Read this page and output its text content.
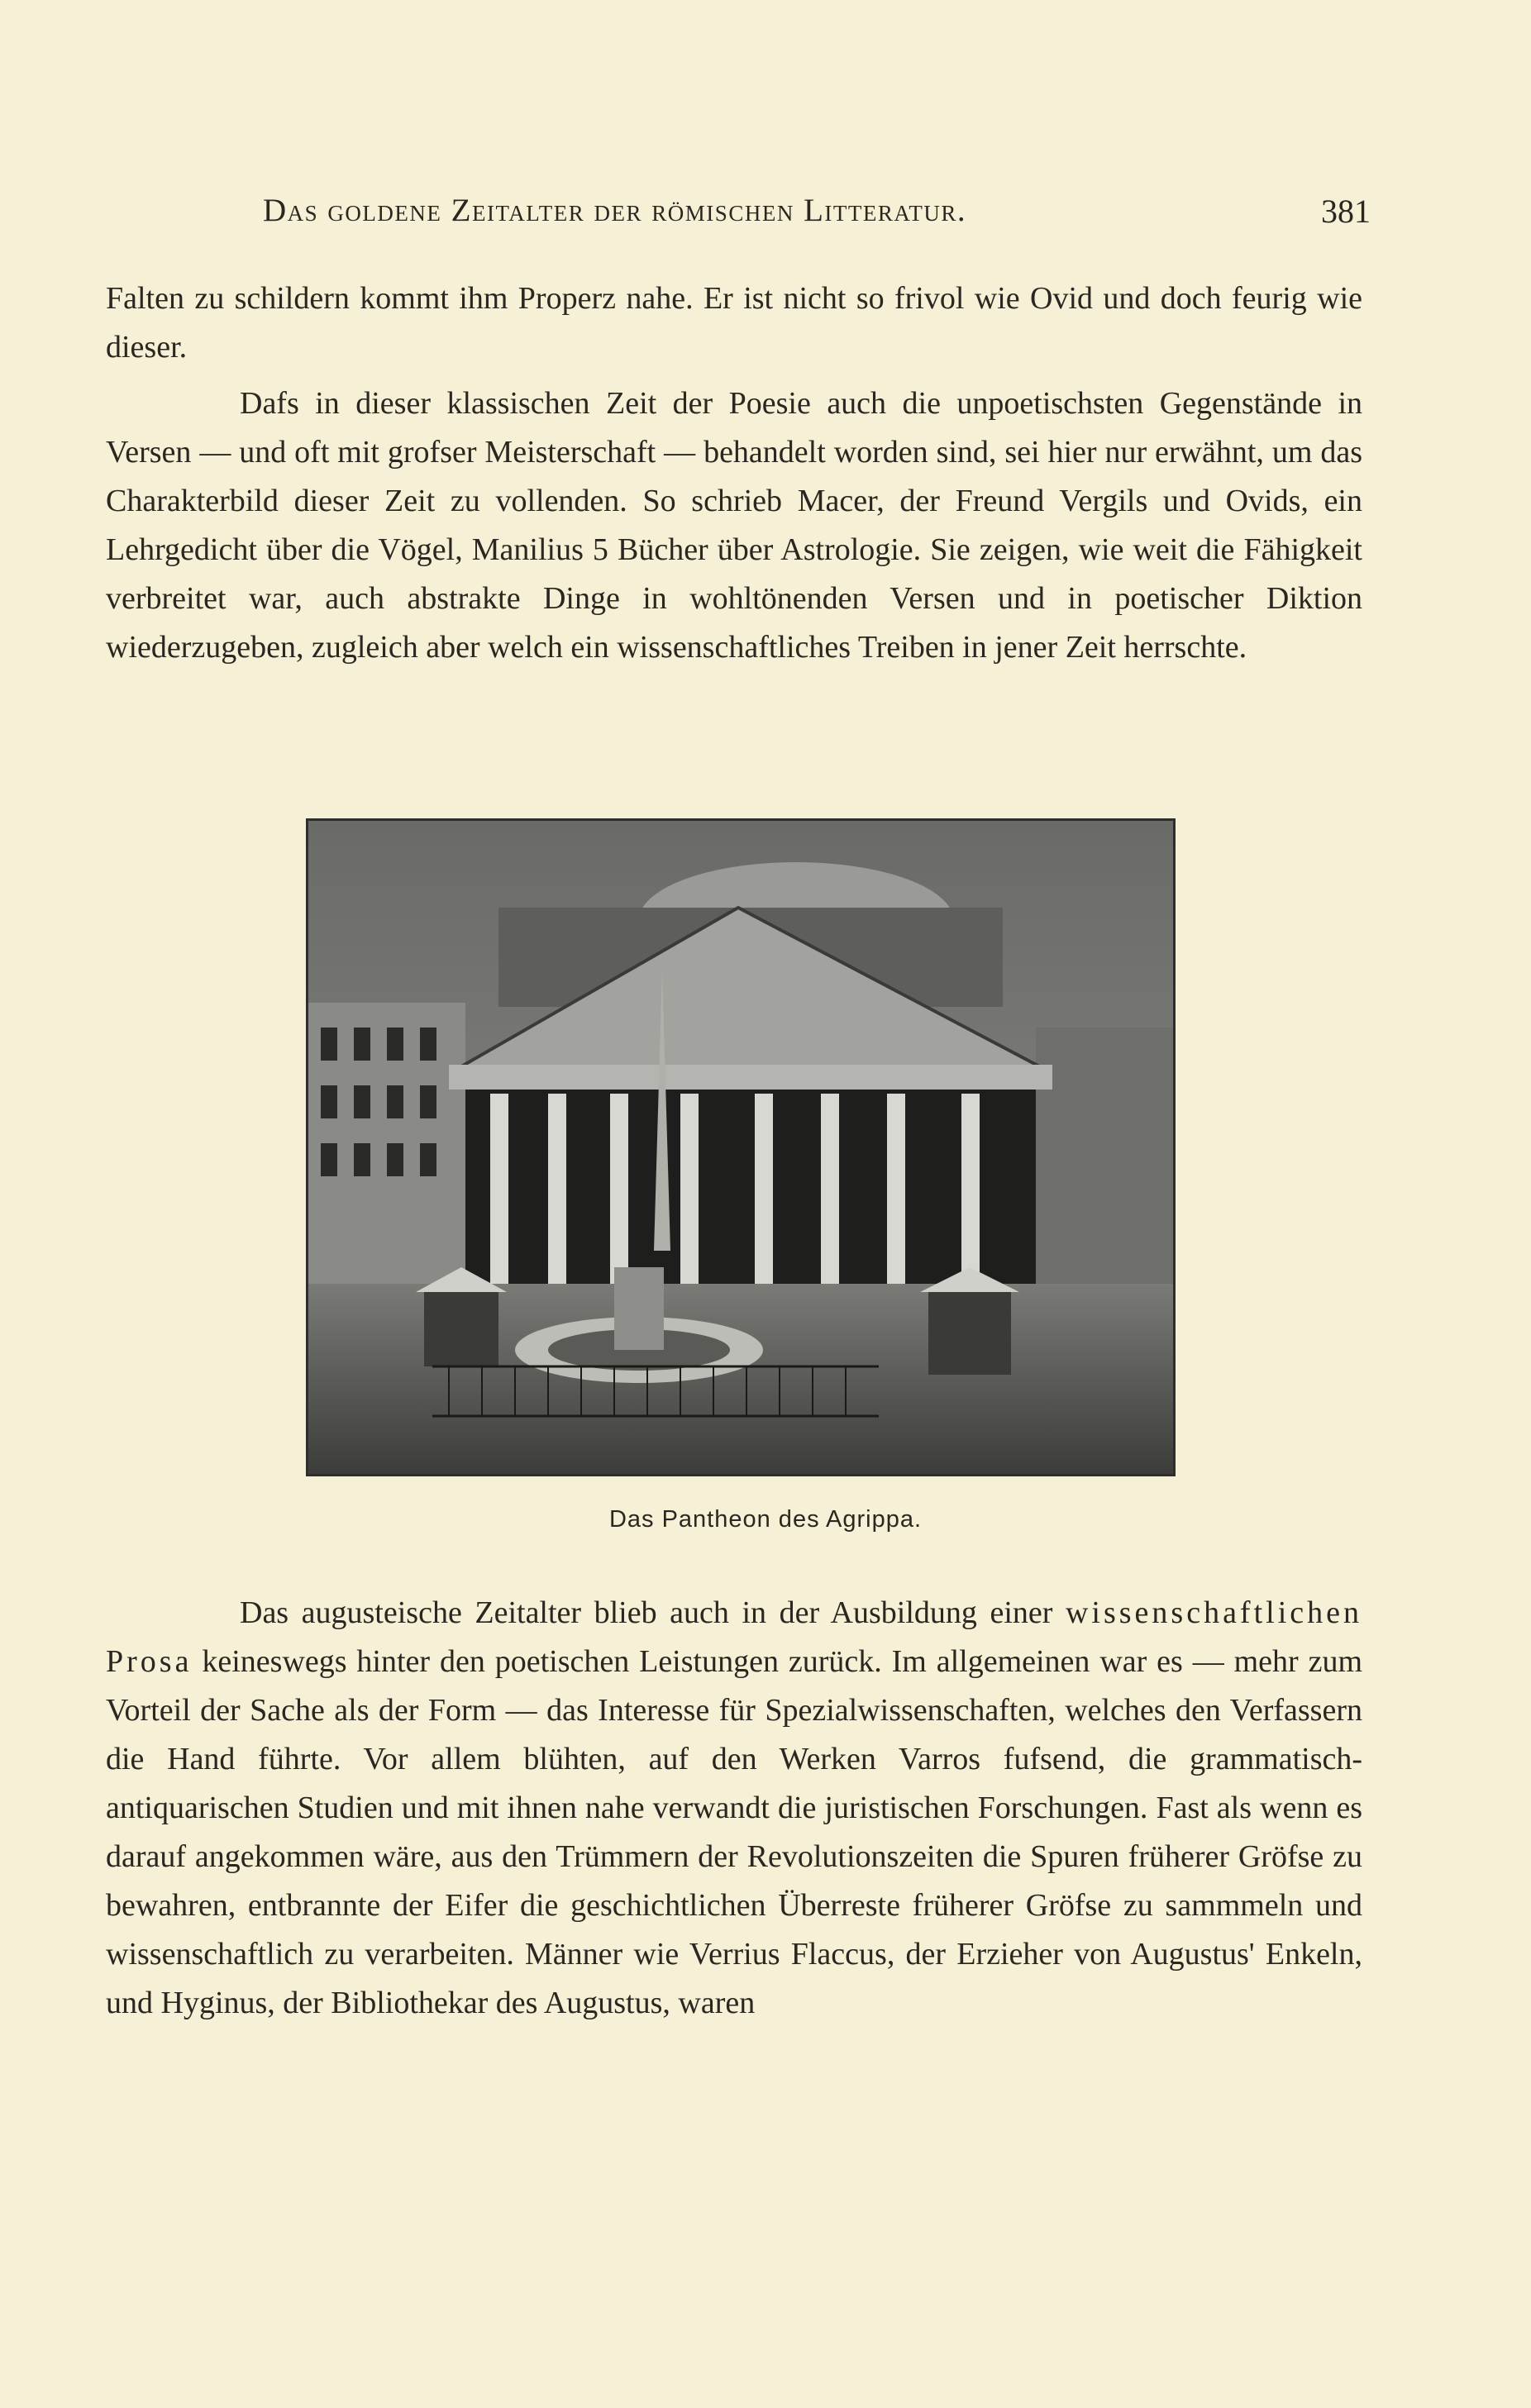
Das goldene Zeitalter der römischen Litteratur.	381

Falten zu schildern kommt ihm Properz nahe. Er ist nicht so frivol wie Ovid und doch feurig wie dieser.

Dafs in dieser klassischen Zeit der Poesie auch die unpoetischsten Gegenstände in Versen — und oft mit grofser Meisterschaft — behandelt worden sind, sei hier nur erwähnt, um das Charakterbild dieser Zeit zu vollenden. So schrieb Macer, der Freund Vergils und Ovids, ein Lehrgedicht über die Vögel, Manilius 5 Bücher über Astrologie. Sie zeigen, wie weit die Fähigkeit verbreitet war, auch abstrakte Dinge in wohltönenden Versen und in poetischer Diktion wiederzugeben, zugleich aber welch ein wissenschaftliches Treiben in jener Zeit herrschte.

Das Pantheon des Agrippa.

Das augusteische Zeitalter blieb auch in der Ausbildung einer wissenschaftlichen Prosa keineswegs hinter den poetischen Leistungen zurück. Im allgemeinen war es — mehr zum Vorteil der Sache als der Form — das Interesse für Spezialwissenschaften, welches den Verfassern die Hand führte. Vor allem blühten, auf den Werken Varros fufsend, die grammatisch-antiquarischen Studien und mit ihnen nahe verwandt die juristischen Forschungen. Fast als wenn es darauf angekommen wäre, aus den Trümmern der Revolutionszeiten die Spuren früherer Gröfse zu bewahren, entbrannte der Eifer die geschichtlichen Überreste früherer Gröfse zu sammmeln und wissenschaftlich zu verarbeiten. Männer wie Verrius Flaccus, der Erzieher von Augustus' Enkeln, und Hyginus, der Bibliothekar des Augustus, waren
